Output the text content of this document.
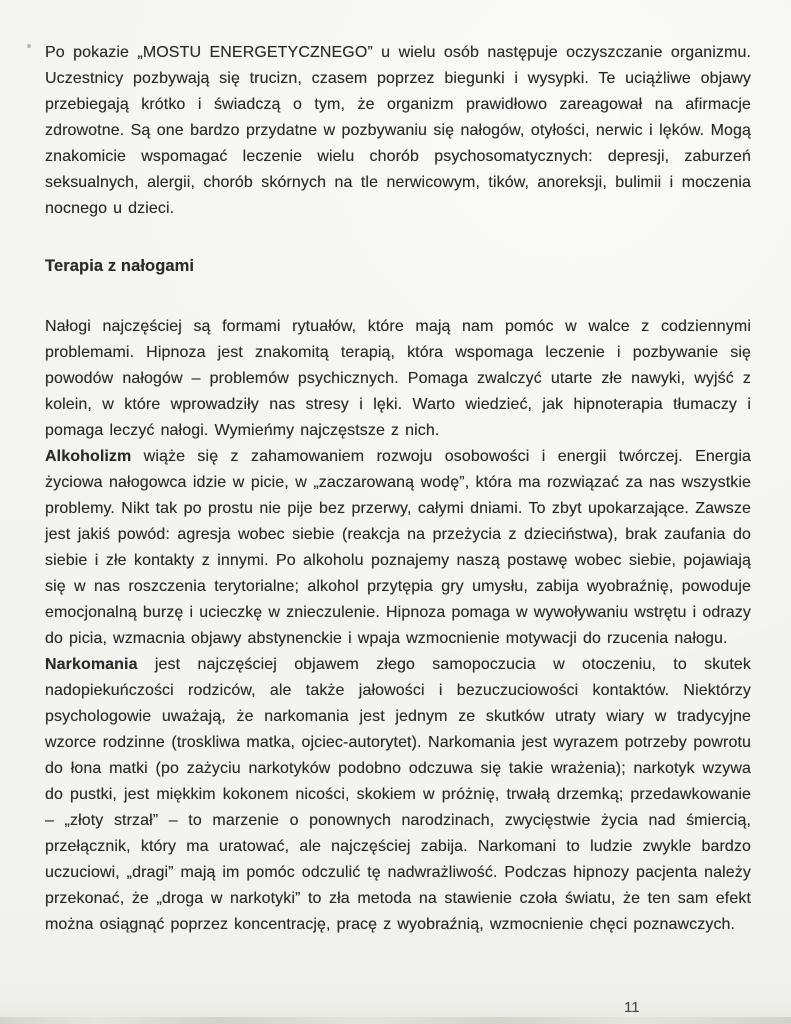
Po pokazie „MOSTU ENERGETYCZNEGO” u wielu osób następuje oczyszczanie organizmu. Uczestnicy pozbywają się trucizn, czasem poprzez biegunki i wysypki. Te uciążliwe objawy przebiegają krótko i świadczą o tym, że organizm prawidłowo zareagował na afirmacje zdrowotne. Są one bardzo przydatne w pozbywaniu się nałogów, otyłości, nerwic i lęków. Mogą znakomicie wspomagać leczenie wielu chorób psychosomatycznych: depresji, zaburzeń seksualnych, alergii, chorób skórnych na tle nerwicowym, tików, anoreksji, bulimii i moczenia nocnego u dzieci.

Terapia z nałogami

Nałogi najczęściej są formami rytuałów, które mają nam pomóc w walce z codziennymi problemami. Hipnoza jest znakomitą terapią, która wspomaga leczenie i pozbywanie się powodów nałogów – problemów psychicznych. Pomaga zwalczyć utarte złe nawyki, wyjść z kolein, w które wprowadziły nas stresy i lęki. Warto wiedzieć, jak hipnoterapia tłumaczy i pomaga leczyć nałogi. Wymieńmy najczęstsze z nich.

Alkoholizm wiąże się z zahamowaniem rozwoju osobowości i energii twórczej. Energia życiowa nałogowca idzie w picie, w „zaczarowaną wodę”, która ma rozwiązać za nas wszystkie problemy. Nikt tak po prostu nie pije bez przerwy, całymi dniami. To zbyt upokarzające. Zawsze jest jakiś powód: agresja wobec siebie (reakcja na przeżycia z dzieciństwa), brak zaufania do siebie i złe kontakty z innymi. Po alkoholu poznajemy naszą postawę wobec siebie, pojawiają się w nas roszczenia terytorialne; alkohol przytępia gry umysłu, zabija wyobraźnię, powoduje emocjonalną burzę i ucieczkę w znieczulenie. Hipnoza pomaga w wywoływaniu wstrętu i odrazy do picia, wzmacnia objawy abstynenckie i wpaja wzmocnienie motywacji do rzucenia nałogu.

Narkomania jest najczęściej objawem złego samopoczucia w otoczeniu, to skutek nadopiekuńczości rodziców, ale także jałowości i bezuczuciowości kontaktów. Niektórzy psychologowie uważają, że narkomania jest jednym ze skutków utraty wiary w tradycyjne wzorce rodzinne (troskliwa matka, ojciec-autorytet). Narkomania jest wyrazem potrzeby powrotu do łona matki (po zażyciu narkotyków podobno odczuwa się takie wrażenia); narkotyk wzywa do pustki, jest miękkim kokonem nicości, skokiem w próżnię, trwałą drzemką; przedawkowanie – „złoty strzał” – to marzenie o ponownych narodzinach, zwycięstwie życia nad śmiercią, przełącznik, który ma uratować, ale najczęściej zabija. Narkomani to ludzie zwykle bardzo uczuciowi, „dragi” mają im pomóc odczulić tę nadwrażliwość. Podczas hipnozy pacjenta należy przekonać, że „droga w narkotyki” to zła metoda na stawienie czoła światu, że ten sam efekt można osiągnąć poprzez koncentrację, pracę z wyobraźnią, wzmocnienie chęci poznawczych.

11
